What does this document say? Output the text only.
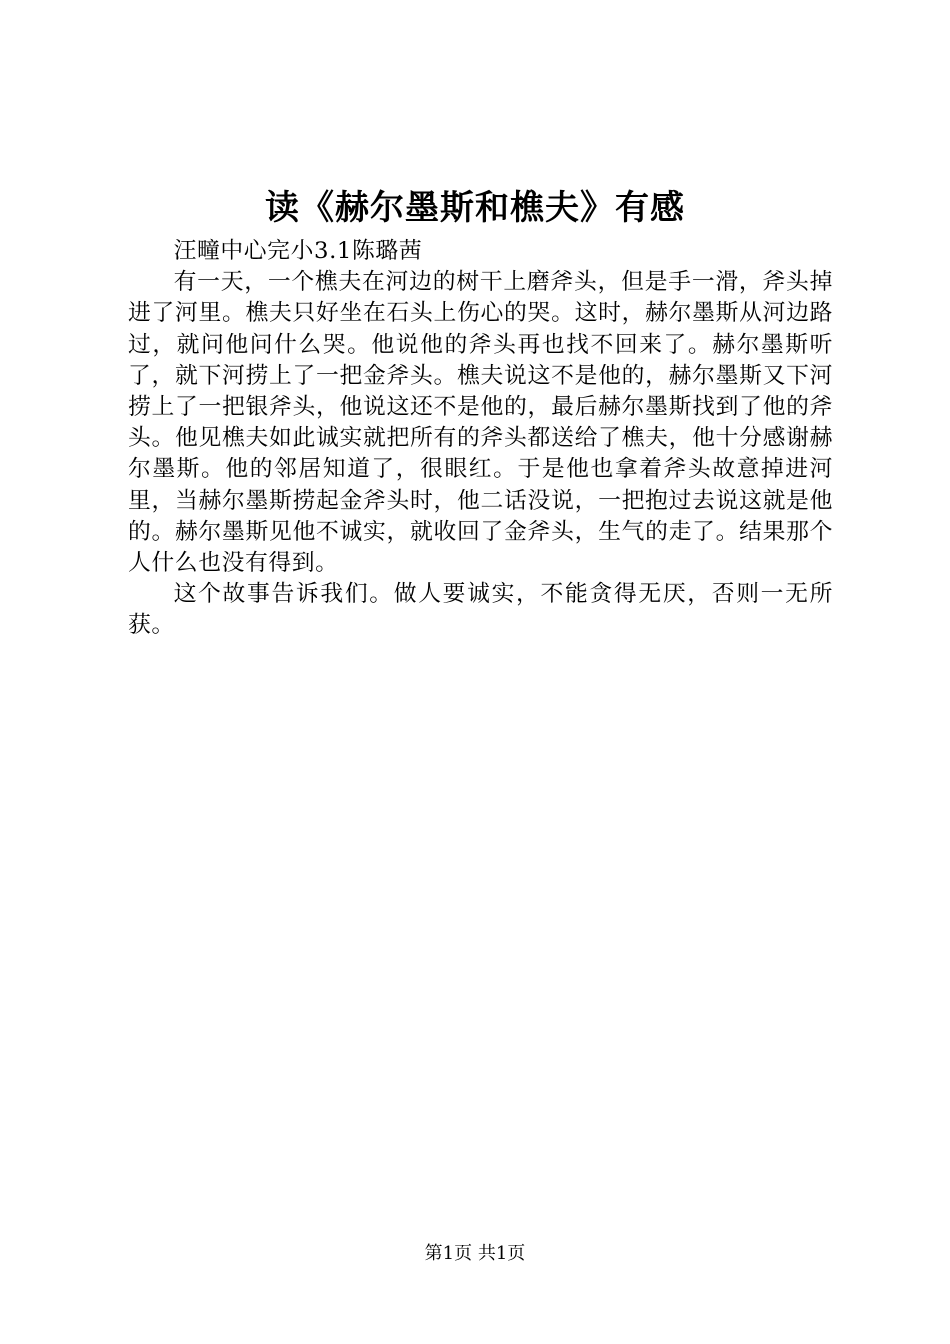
读《赫尔墨斯和樵夫》有感

汪疃中心完小3.1陈璐茜

有一天，一个樵夫在河边的树干上磨斧头，但是手一滑，斧头掉进了河里。樵夫只好坐在石头上伤心的哭。这时，赫尔墨斯从河边路过，就问他问什么哭。他说他的斧头再也找不回来了。赫尔墨斯听了，就下河捞上了一把金斧头。樵夫说这不是他的，赫尔墨斯又下河捞上了一把银斧头，他说这还不是他的，最后赫尔墨斯找到了他的斧头。他见樵夫如此诚实就把所有的斧头都送给了樵夫，他十分感谢赫尔墨斯。他的邻居知道了，很眼红。于是他也拿着斧头故意掉进河里，当赫尔墨斯捞起金斧头时，他二话没说，一把抱过去说这就是他的。赫尔墨斯见他不诚实，就收回了金斧头，生气的走了。结果那个人什么也没有得到。

这个故事告诉我们。做人要诚实，不能贪得无厌，否则一无所获。

第1页 共1页
